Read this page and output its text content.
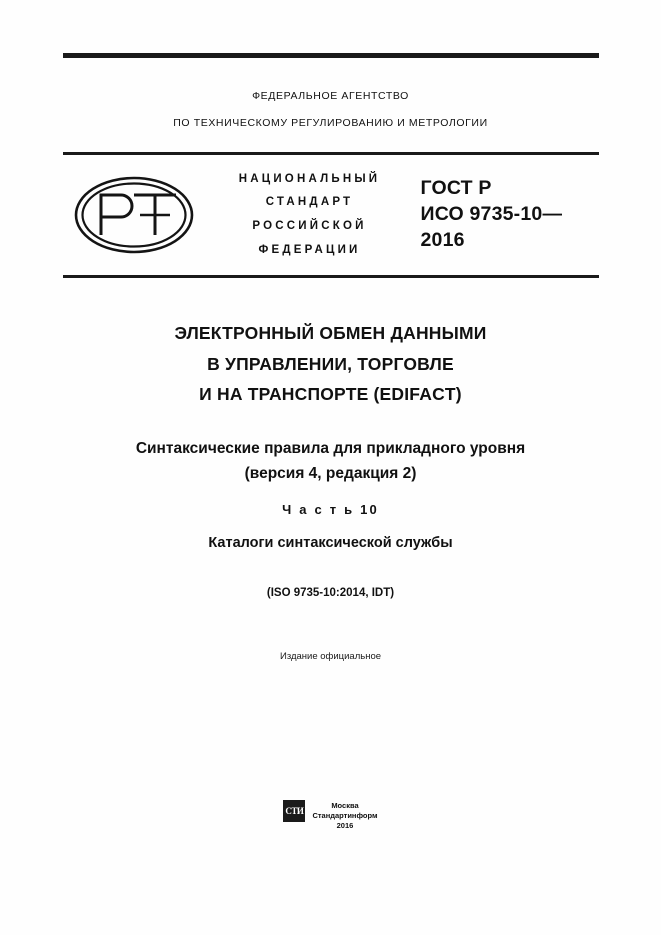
ФЕДЕРАЛЬНОЕ АГЕНТСТВО
ПО ТЕХНИЧЕСКОМУ РЕГУЛИРОВАНИЮ И МЕТРОЛОГИИ
НАЦИОНАЛЬНЫЙ
СТАНДАРТ
РОССИЙСКОЙ
ФЕДЕРАЦИИ
ГОСТ Р
ИСО 9735-10—
2016
ЭЛЕКТРОННЫЙ ОБМЕН ДАННЫМИ
В УПРАВЛЕНИИ, ТОРГОВЛЕ
И НА ТРАНСПОРТЕ (EDIFACT)
Синтаксические правила для прикладного уровня
(версия 4, редакция 2)
Ч а с т ь 10
Каталоги синтаксической службы
(ISO 9735-10:2014, IDT)
Издание официальное
СТИ
Москва
Стандартинформ
2016
